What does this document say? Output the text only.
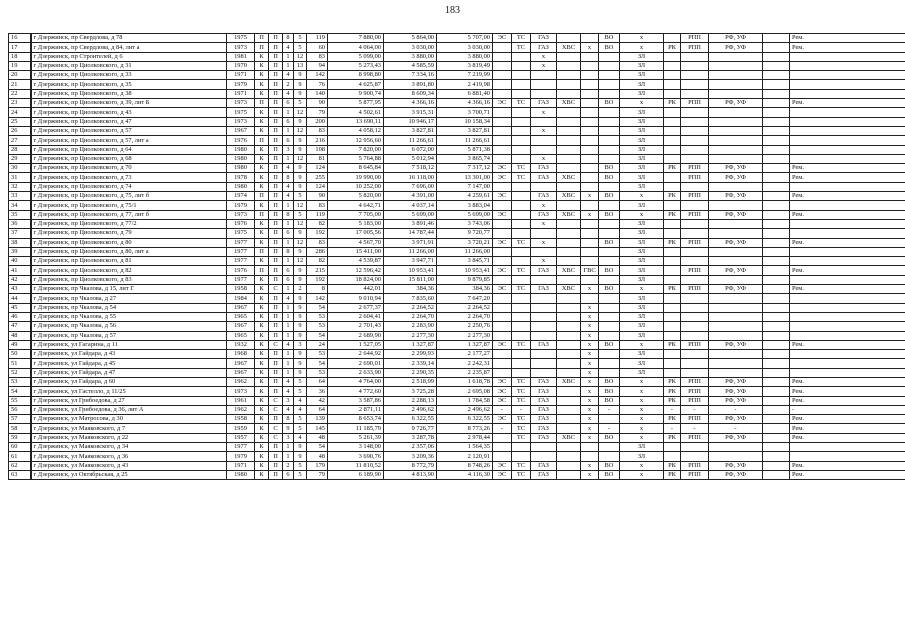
183
16	г Дзержинск, пр Свердлова, д 78	1975	П	П	8	5	119	7 880,00	5 864,00	5 707,00	ЭС	ТС	ГАЗ			ВО	х		РПП	РФ, УФ		Рем.
17	г Дзержинск, пр Свердлова, д 84, лит а	1973	П	П	4	5	60	4 064,00	3 030,00	3 030,00		ТС	ГАЗ	ХВС	х	ВО	х	РК	РПП	РФ, УФ		Рем.
18	г Дзержинск, пр Строителей, д 6	1981	К	П	1	12	83	5 099,00	3 880,00	3 880,00			х				ЗЛ					
19	г Дзержинск, пр Циолковского, д 31	1970	К	П	1	13	94	5 273,43	4 585,59	3 819,49			х				ЗЛ					
20	г Дзержинск, пр Циолковского, д 33	1971	К	П	4	9	142	8 998,80	7 334,16	7 219,99							ЗЛ					
21	г Дзержинск, пр Циолковского, д 35	1979	К	П	2	9	76	4 625,87	3 891,80	2 419,98							ЗЛ					
22	г Дзержинск, пр Циолковского, д 38	1971	К	П	4	9	140	9 900,74	8 609,34	6 881,40							ЗЛ					
23	г Дзержинск, пр Циолковского, д 39, лит Б	1973	П	П	6	5	90	5 877,95	4 366,16	4 366,16	ЭС	ТС	ГАЗ	ХВС		ВО	х	РК	РПП	РФ, УФ		Рем.
24	г Дзержинск, пр Циолковского, д 43	1975	К	П	1	12	79	4 502,61	3 915,31	3 700,71			х				ЗЛ					
25	г Дзержинск, пр Циолковского, д 47	1973	К	П	6	9	200	13 690,11	10 946,17	10 158,34							ЗЛ					
26	г Дзержинск, пр Циолковского, д 57	1967	К	П	1	12	83	4 058,12	3 827,81	3 827,81			х				ЗЛ					
27	г Дзержинск, пр Циолковского, д 57, лит а	1976	П	П	6	9	216	12 956,60	11 266,61	11 266,61							ЗЛ					
28	г Дзержинск, пр Циолковского, д 64	1980	К	П	3	9	108	7 820,00	6 072,00	5 871,38							ЗЛ					
29	г Дзержинск, пр Циолковского, д 68	1980	К	П	1	12	81	5 764,88	5 012,94	3 865,74			х				ЗЛ					
30	г Дзержинск, пр Циолковского, д 70	1980	К	П	4	9	124	8 645,84	7 518,12	7 317,12	ЭС	ТС	ГАЗ			ВО	ЗЛ	РК	РПП	РФ, УФ		Рем.
31	г Дзержинск, пр Циолковского, д 73	1978	К	П	8	9	255	19 990,00	16 118,00	13 301,00	ЭС	ТС	ГАЗ	ХВС		ВО	ЗЛ		РПП	РФ, УФ		Рем.
32	г Дзержинск, пр Циолковского, д 74	1980	К	П	4	9	124	10 252,00	7 696,00	7 147,00							ЗЛ					
33	г Дзержинск, пр Циолковского, д 75, лит б	1974	П	П	4	5	90	5 820,00	4 391,00	4 259,61	ЭС		ГАЗ	ХВС	х	ВО	х	РК	РПП	РФ, УФ		Рем.
34	г Дзержинск, пр Циолковского, д 75/1	1979	К	П	1	12	83	4 642,71	4 037,14	3 883,04			х				ЗЛ					
35	г Дзержинск, пр Циолковского, д 77, лит б	1973	П	П	8	5	119	7 705,00	5 699,00	5 699,00	ЭС		ГАЗ	ХВС	х	ВО	х	РК	РПП	РФ, УФ		Рем.
36	г Дзержинск, пр Циолковского, д 77/2	1976	К	П	1	12	82	5 183,00	3 891,46	3 743,06			х				ЗЛ					
37	г Дзержинск, пр Циолковского, д 79	1975	К	П	6	9	192	17 005,56	14 787,44	9 720,77							ЗЛ					
38	г Дзержинск, пр Циолковского, д 80	1977	К	П	1	12	83	4 567,70	3 971,91	3 720,21	ЭС	ТС	х			ВО	ЗЛ	РК	РПП	РФ, УФ		Рем.
39	г Дзержинск, пр Циолковского, д 80, лит а	1977	П	П	8	9	286	15 411,00	11 266,00	11 266,00							ЗЛ					
40	г Дзержинск, пр Циолковского, д 81	1977	К	П	1	12	82	4 539,87	3 947,71	3 845,71			х				ЗЛ					
41	г Дзержинск, пр Циолковского, д 82	1976	П	П	6	9	215	12 596,42	10 953,41	10 953,41	ЭС	ТС	ГАЗ	ХВС	ГВС	ВО	ЗЛ		РПП	РФ, УФ		Рем.
42	г Дзержинск, пр Циолковского, д 83	1977	К	П	6	9	192	18 824,00	15 811,00	9 879,85							ЗЛ					
43	г Дзержинск, пр Чкалова, д 15, лит Г	1958	К	С	1	2	8	442,01	384,36	384,36	ЭС	ТС	ГАЗ	ХВС	х	ВО	х	РК	РПП	РФ, УФ		Рем.
44	г Дзержинск, пр Чкалова, д 27	1984	К	П	4	9	142	9 010,94	7 835,60	7 647,20							ЗЛ					
45	г Дзержинск, пр Чкалова, д 54	1967	К	П	1	9	54	2 677,37	2 264,52	2 264,52					х		ЗЛ					
46	г Дзержинск, пр Чкалова, д 55	1965	К	П	1	9	53	2 604,41	2 264,70	2 264,70					х		ЗЛ					
47	г Дзержинск, пр Чкалова, д 56	1967	К	П	1	9	53	2 701,43	2 283,90	2 250,76					х		ЗЛ					
48	г Дзержинск, пр Чкалова, д 57	1965	К	П	1	9	54	2 689,90	2 277,30	2 277,30					х		ЗЛ					
49	г Дзержинск, ул Гагарина, д 11	1932	К	С	4	3	24	1 527,05	1 327,87	1 327,87	ЭС	ТС	ГАЗ		х	ВО	х	РК	РПП	РФ, УФ		Рем.
50	г Дзержинск, ул Гайдара, д 43	1968	К	П	1	9	53	2 644,92	2 299,93	2 177,27					х		ЗЛ					
51	г Дзержинск, ул Гайдара, д 45	1967	К	П	1	9	54	2 690,01	2 339,14	2 242,31					х		ЗЛ					
52	г Дзержинск, ул Гайдара, д 47	1967	К	П	1	9	53	2 633,90	2 290,35	2 235,87					х		ЗЛ					
53	г Дзержинск, ул Гайдара, д 60	1962	К	П	4	5	64	4 764,00	2 518,99	1 618,78	ЭС	ТС	ГАЗ	ХВС	х	ВО	х	РК	РПП	РФ, УФ		Рем.
54	г Дзержинск, ул Гастелло, д 11/25	1973	К	П	4	5	36	4 772,60	3 725,28	2 695,08	ЭС	ТС	ГАЗ		х	ВО	х	РК	РПП	РФ, УФ		Рем.
55	г Дзержинск, ул Грибоедова, д 27	1961	К	С	3	4	42	3 587,86	2 288,13	1 784,58	ЭС	ТС	ГАЗ		х	ВО	х	РК	РПП	РФ, УФ		Рем.
56	г Дзержинск, ул Грибоедова, д 36, лит А	1962	К	С	4	4	64	2 871,11	2 496,62	2 496,62	-	-	ГАЗ		х	-	х	-	-	-		-
57	г Дзержинск, ул Матросова, д 30	1958	К	П	8	5	139	8 653,74	6 322,55	6 322,55	ЭС	ТС	ГАЗ		х		х	РК	РПП	РФ, УФ		Рем.
58	г Дзержинск, ул Маяковского, д 7	1959	К	С	9	5	145	11 185,79	9 726,77	8 773,26	-	ТС	ГАЗ		х	-	х	-	-	-		Рем.
59	г Дзержинск, ул Маяковского, д 22	1957	К	С	3	4	48	5 261,39	3 287,78	2 978,44		ТС	ГАЗ	ХВС	х	ВО	х	РК	РПП	РФ, УФ		Рем.
60	г Дзержинск, ул Маяковского, д 34	1977	К	П	1	9	54	3 148,00	2 357,06	1 564,35							ЗЛ					
61	г Дзержинск, ул Маяковского, д 36	1979	К	П	1	9	48	3 690,76	3 209,36	2 120,91							ЗЛ					
62	г Дзержинск, ул Маяковского, д 43	1971	К	П	2	5	179	11 810,52	8 772,79	8 748,26	ЭС	ТС	ГАЗ		х	ВО	х	РК	РПП	РФ, УФ		Рем.
63	г Дзержинск, ул Октябрьская, д 25	1980	К	П	6	5	79	6 189,90	4 813,90	4 116,30	ЭС	ТС	ГАЗ		х	ВО	х	РК	РПП	РФ, УФ		Рем.
